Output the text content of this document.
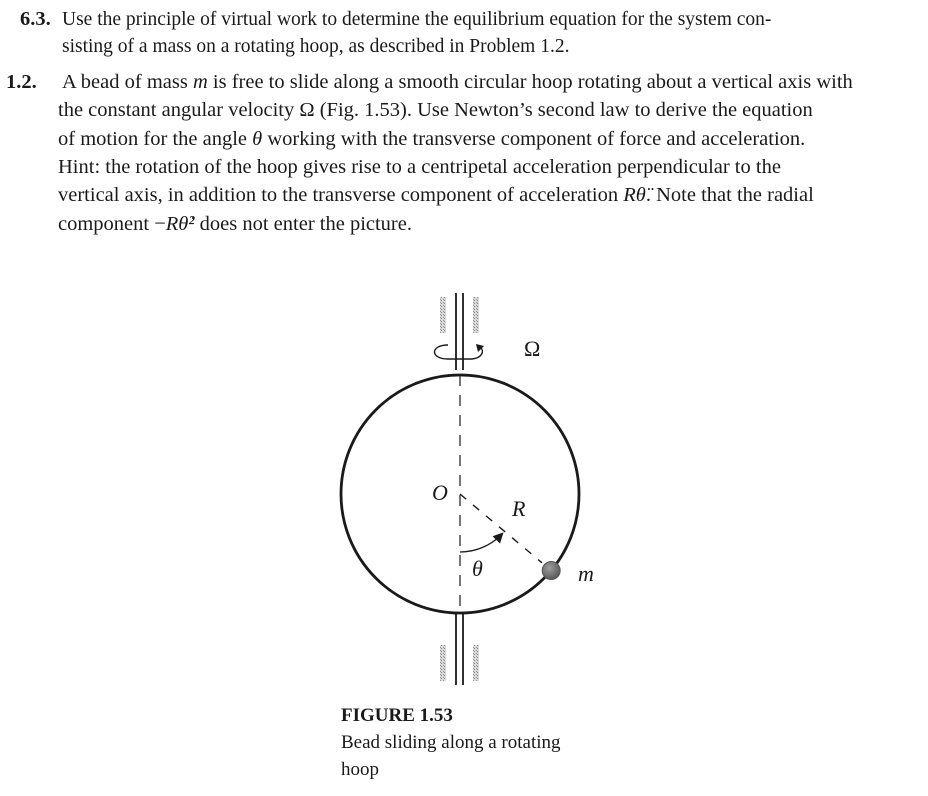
6.3. Use the principle of virtual work to determine the equilibrium equation for the system con-
sisting of a mass on a rotating hoop, as described in Problem 1.2.
1.2. A bead of mass m is free to slide along a smooth circular hoop rotating about a vertical axis with
the constant angular velocity Ω (Fig. 1.53). Use Newton’s second law to derive the equation
of motion for the angle θ working with the transverse component of force and acceleration.
Hint: the rotation of the hoop gives rise to a centripetal acceleration perpendicular to the
vertical axis, in addition to the transverse component of acceleration Rθ̈. Note that the radial
component −Rθ̇² does not enter the picture.
Ω
O
R
θ	m
FIGURE 1.53
Bead sliding along a rotating
hoop
